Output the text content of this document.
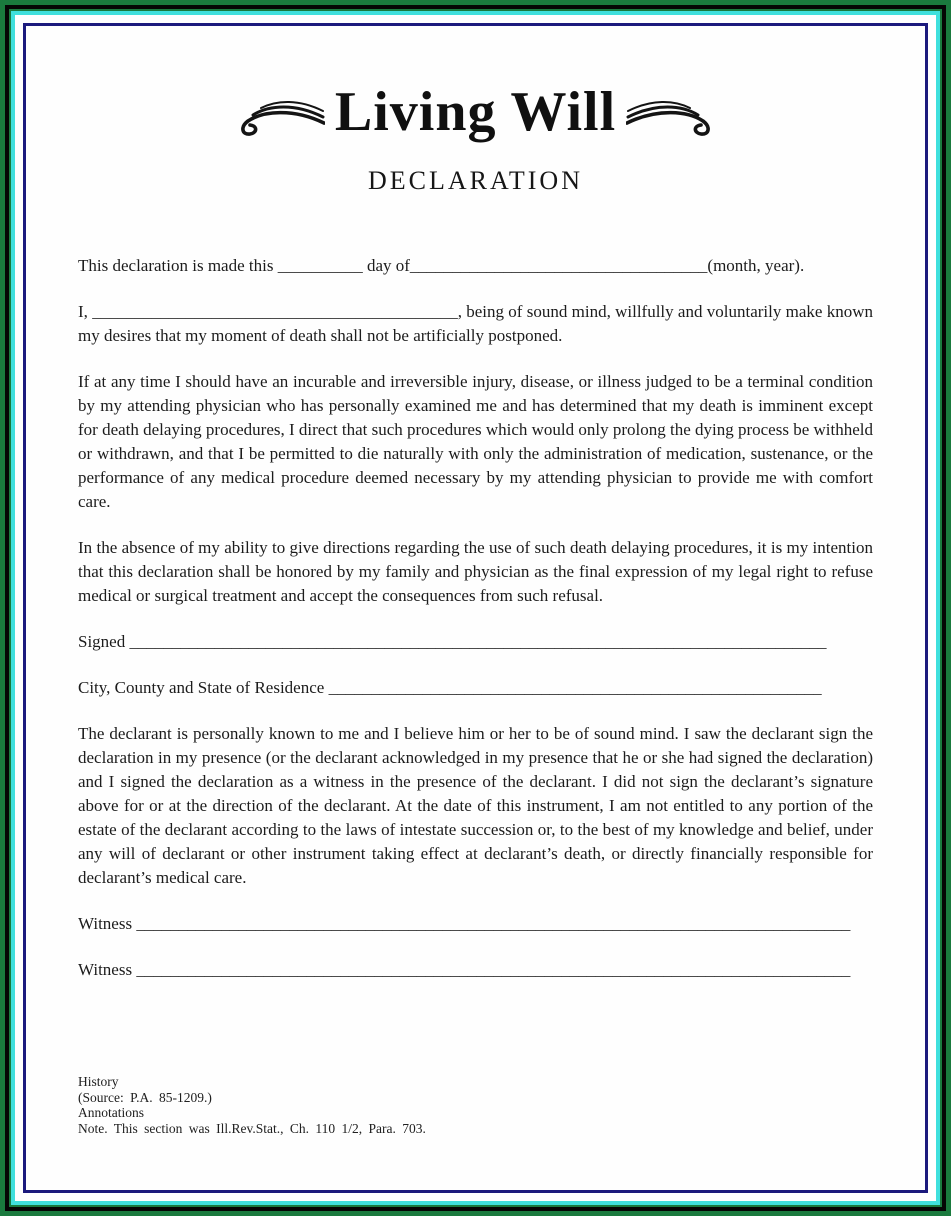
Living Will
DECLARATION

This declaration is made this __________ day of___________________________________(month, year).

I, ___________________________________________, being of sound mind, willfully and voluntarily make known my desires that my moment of death shall not be artificially postponed.

If at any time I should have an incurable and irreversible injury, disease, or illness judged to be a terminal condition by my attending physician who has personally examined me and has determined that my death is imminent except for death delaying procedures, I direct that such procedures which would only prolong the dying process be withheld or withdrawn, and that I be permitted to die naturally with only the administration of medication, sustenance, or the performance of any medical procedure deemed necessary by my attending physician to provide me with comfort care.

In the absence of my ability to give directions regarding the use of such death delaying procedures, it is my intention that this declaration shall be honored by my family and physician as the final expression of my legal right to refuse medical or surgical treatment and accept the consequences from such refusal.

Signed __________________________________________________________________________________

City, County and State of Residence __________________________________________________________

The declarant is personally known to me and I believe him or her to be of sound mind. I saw the declarant sign the declaration in my presence (or the declarant acknowledged in my presence that he or she had signed the declaration) and I signed the declaration as a witness in the presence of the declarant. I did not sign the declarant’s signature above for or at the direction of the declarant. At the date of this instrument, I am not entitled to any portion of the estate of the declarant according to the laws of intestate succession or, to the best of my knowledge and belief, under any will of declarant or other instrument taking effect at declarant’s death, or directly financially responsible for declarant’s medical care.

Witness ____________________________________________________________________________________

Witness ____________________________________________________________________________________

History
(Source: P.A. 85-1209.)
Annotations
Note. This section was Ill.Rev.Stat., Ch. 110 1/2, Para. 703.
